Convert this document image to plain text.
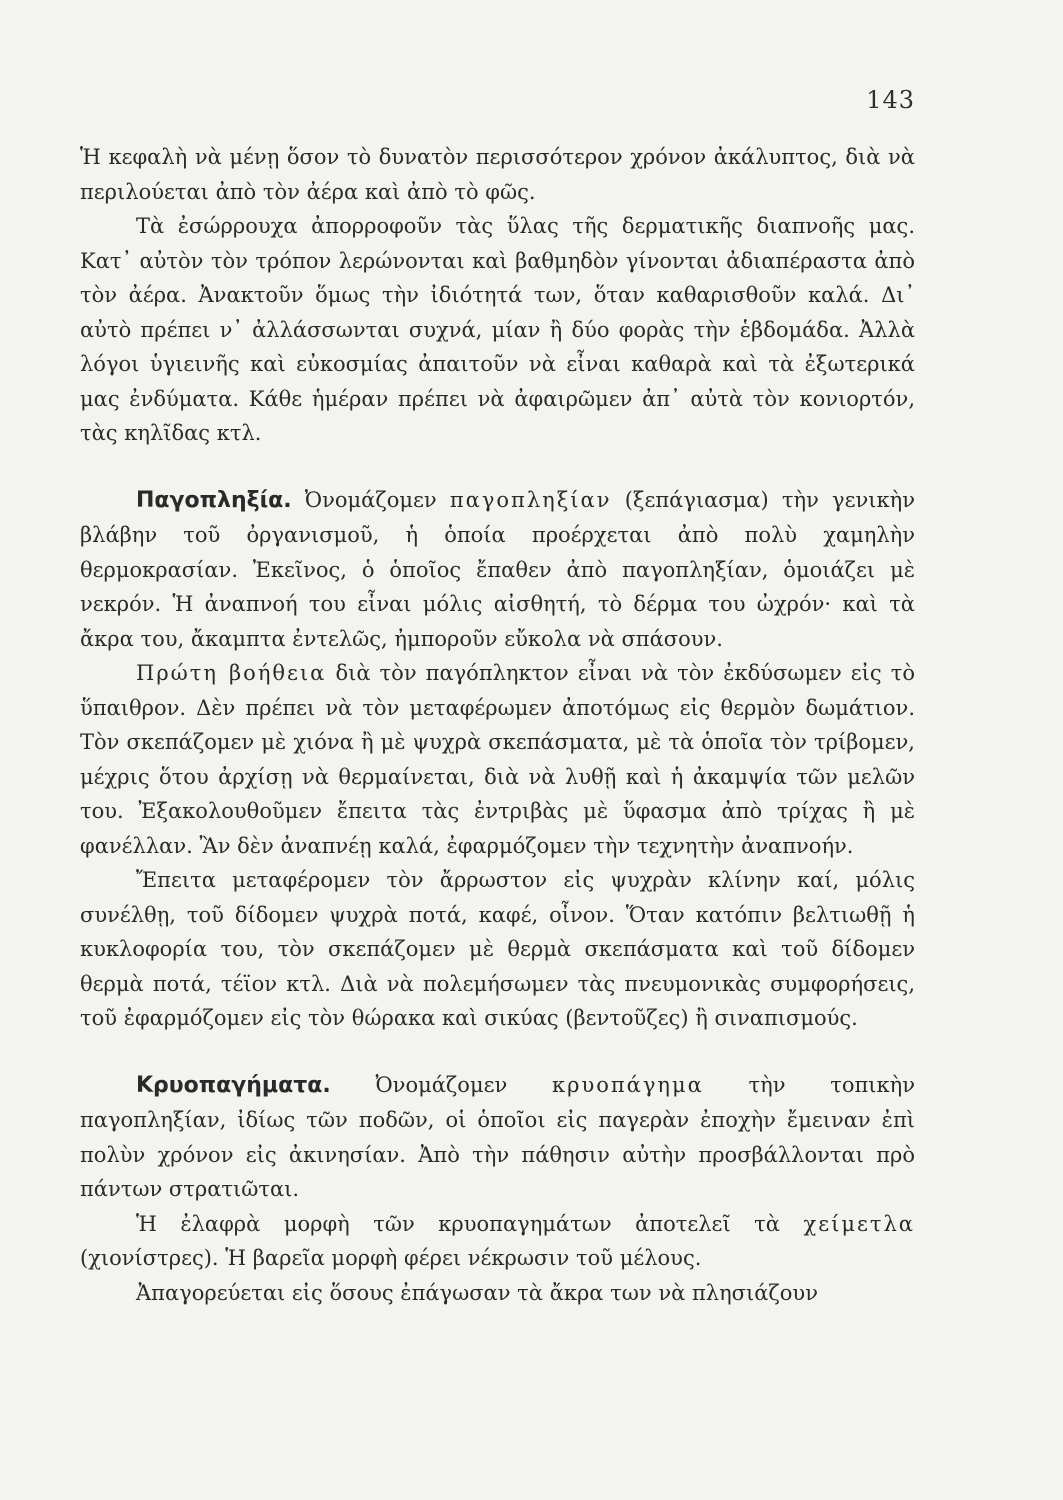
143

Ἡ κεφαλὴ νὰ μένῃ ὅσον τὸ δυνατὸν περισσότερον χρόνον ἀκάλυπτος, διὰ νὰ περιλούεται ἀπὸ τὸν ἀέρα καὶ ἀπὸ τὸ φῶς.

Τὰ ἐσώρρουχα ἀπορροφοῦν τὰς ὕλας τῆς δερματικῆς διαπνοῆς μας. Κατ᾽ αὐτὸν τὸν τρόπον λερώνονται καὶ βαθμηδὸν γίνονται ἀδιαπέραστα ἀπὸ τὸν ἀέρα. Ἀνακτοῦν ὅμως τὴν ἰδιότητά των, ὅταν καθαρισθοῦν καλά. Δι᾽ αὐτὸ πρέπει ν᾽ ἀλλάσσωνται συχνά, μίαν ἢ δύο φορὰς τὴν ἑβδομάδα. Ἀλλὰ λόγοι ὑγιεινῆς καὶ εὐκοσμίας ἀπαιτοῦν νὰ εἶναι καθαρὰ καὶ τὰ ἐξωτερικά μας ἐνδύματα. Κάθε ἡμέραν πρέπει νὰ ἀφαιρῶμεν ἀπ᾽ αὐτὰ τὸν κονιορτόν, τὰς κηλῖδας κτλ.

Παγοπληξία. Ὀνομάζομεν παγοπληξίαν (ξεπάγιασμα) τὴν γενικὴν βλάβην τοῦ ὀργανισμοῦ, ἡ ὁποία προέρχεται ἀπὸ πολὺ χαμηλὴν θερμοκρασίαν. Ἐκεῖνος, ὁ ὁποῖος ἔπαθεν ἀπὸ παγοπληξίαν, ὁμοιάζει μὲ νεκρόν. Ἡ ἀναπνοή του εἶναι μόλις αἰσθητή, τὸ δέρμα του ὠχρόν· καὶ τὰ ἄκρα του, ἄκαμπτα ἐντελῶς, ἠμποροῦν εὔκολα νὰ σπάσουν.

Πρώτη βοήθεια διὰ τὸν παγόπληκτον εἶναι νὰ τὸν ἐκδύσωμεν εἰς τὸ ὕπαιθρον. Δὲν πρέπει νὰ τὸν μεταφέρωμεν ἀποτόμως εἰς θερμὸν δωμάτιον. Τὸν σκεπάζομεν μὲ χιόνα ἢ μὲ ψυχρὰ σκεπάσματα, μὲ τὰ ὁποῖα τὸν τρίβομεν, μέχρις ὅτου ἀρχίσῃ νὰ θερμαίνεται, διὰ νὰ λυθῇ καὶ ἡ ἀκαμψία τῶν μελῶν του. Ἐξακολουθοῦμεν ἔπειτα τὰς ἐντριβὰς μὲ ὕφασμα ἀπὸ τρίχας ἢ μὲ φανέλλαν. Ἂν δὲν ἀναπνέῃ καλά, ἐφαρμόζομεν τὴν τεχνητὴν ἀναπνοήν.

Ἔπειτα μεταφέρομεν τὸν ἄρρωστον εἰς ψυχρὰν κλίνην καί, μόλις συνέλθῃ, τοῦ δίδομεν ψυχρὰ ποτά, καφέ, οἶνον. Ὅταν κατόπιν βελτιωθῇ ἡ κυκλοφορία του, τὸν σκεπάζομεν μὲ θερμὰ σκεπάσματα καὶ τοῦ δίδομεν θερμὰ ποτά, τέϊον κτλ. Διὰ νὰ πολεμήσωμεν τὰς πνευμονικὰς συμφορήσεις, τοῦ ἐφαρμόζομεν εἰς τὸν θώρακα καὶ σικύας (βεντοῦζες) ἢ σιναπισμούς.

Κρυοπαγήματα. Ὀνομάζομεν κρυοπάγημα τὴν τοπικὴν παγοπληξίαν, ἰδίως τῶν ποδῶν, οἱ ὁποῖοι εἰς παγερὰν ἐποχὴν ἔμειναν ἐπὶ πολὺν χρόνον εἰς ἀκινησίαν. Ἀπὸ τὴν πάθησιν αὐτὴν προσβάλλονται πρὸ πάντων στρατιῶται.

Ἡ ἐλαφρὰ μορφὴ τῶν κρυοπαγημάτων ἀποτελεῖ τὰ χείμετλα (χιονίστρες). Ἡ βαρεῖα μορφὴ φέρει νέκρωσιν τοῦ μέλους.

Ἀπαγορεύεται εἰς ὅσους ἐπάγωσαν τὰ ἄκρα των νὰ πλησιάζουν
